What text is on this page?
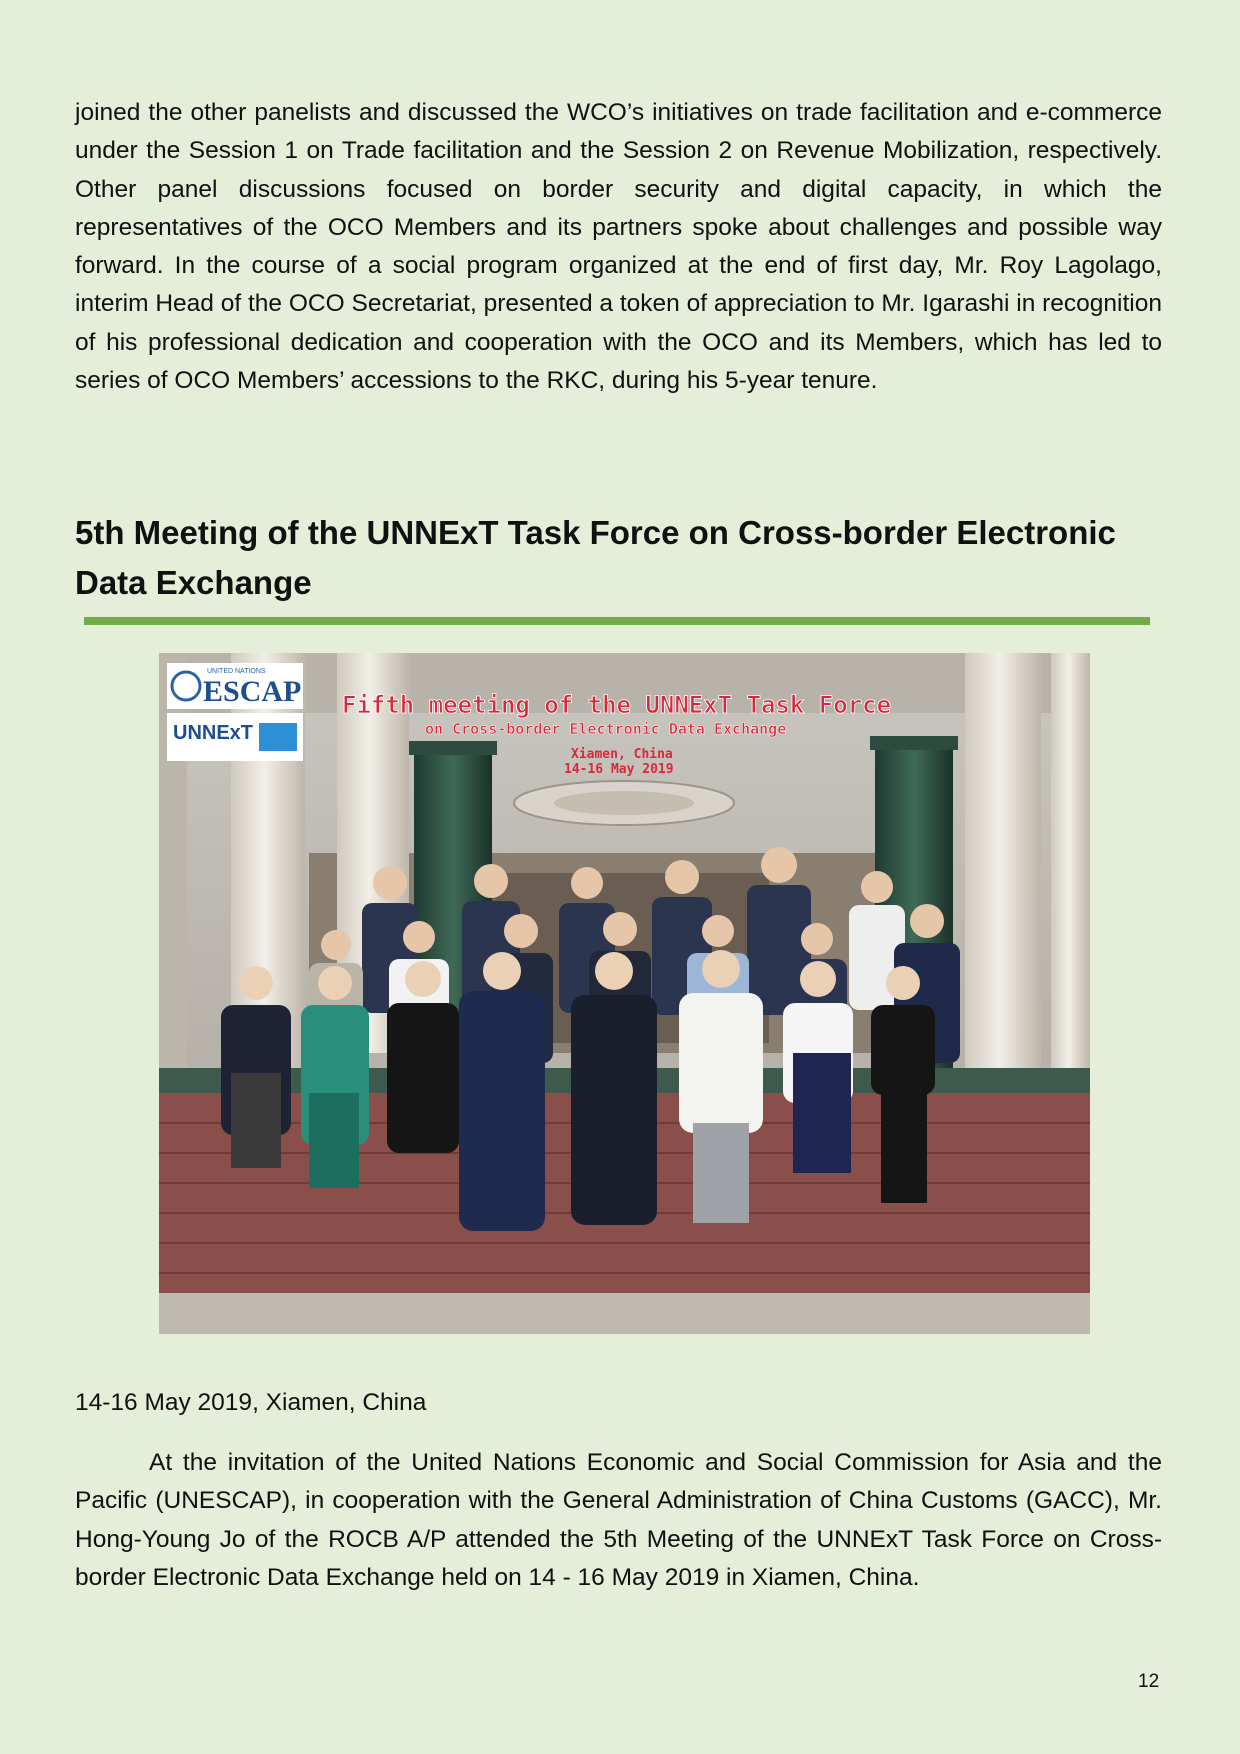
joined the other panelists and discussed the WCO’s initiatives on trade facilitation and e-commerce under the Session 1 on Trade facilitation and the Session 2 on Revenue Mobilization, respectively. Other panel discussions focused on border security and digital capacity, in which the representatives of the OCO Members and its partners spoke about challenges and possible way forward. In the course of a social program organized at the end of first day, Mr. Roy Lagolago, interim Head of the OCO Secretariat, presented a token of appreciation to Mr. Igarashi in recognition of his professional dedication and cooperation with the OCO and its Members, which has led to series of OCO Members’ accessions to the RKC, during his 5-year tenure.

5th Meeting of the UNNExT Task Force on Cross-border Electronic Data Exchange
UNITED NATIONS
ESCAP
UNNExT
Fifth meeting of the UNNExT Task Force
on Cross-border Electronic Data Exchange
Xiamen, China
14-16 May 2019

14-16 May 2019, Xiamen, China

At the invitation of the United Nations Economic and Social Commission for Asia and the Pacific (UNESCAP), in cooperation with the General Administration of China Customs (GACC), Mr. Hong-Young Jo of the ROCB A/P attended the 5th Meeting of the UNNExT Task Force on Cross-border Electronic Data Exchange held on 14 - 16 May 2019 in Xiamen, China.

12
